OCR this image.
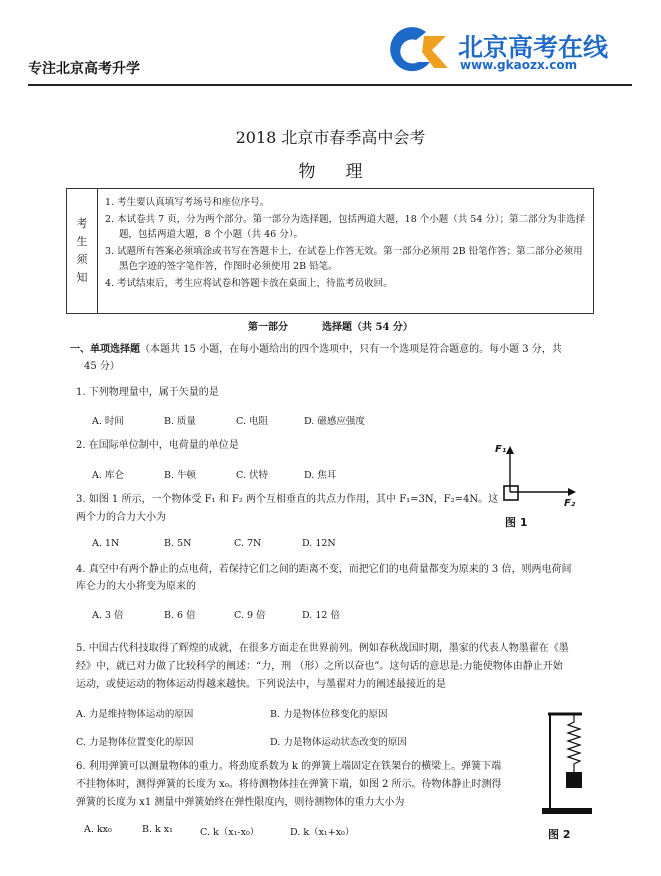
专注北京高考升学
北京高考在线
www.gkaozx.com
2018 北京市春季高中会考
物理
考
生
须
知
1. 考生要认真填写考场号和座位序号。
2. 本试卷共 7 页，分为两个部分。第一部分为选择题，包括两道大题，18 个小题（共 54 分）；第二部分为非选择题，包括两道大题，8 个小题（共 46 分）。
3. 试题所有答案必须填涂或书写在答题卡上，在试卷上作答无效。第一部分必须用 2B 铅笔作答；第二部分必须用黑色字迹的签字笔作答，作图时必须使用 2B 铅笔。
4. 考试结束后，考生应将试卷和答题卡放在桌面上，待监考员收回。
第一部分	选择题（共 54 分）
一、单项选择题（本题共 15 小题，在每小题给出的四个选项中，只有一个选项是符合题意的。每小题 3 分，共
45 分）
1. 下列物理量中，属于矢量的是
A. 时间	B. 质量	C. 电阻	D. 磁感应强度
2. 在国际单位制中，电荷量的单位是
A. 库仑	B. 牛顿	C. 伏特	D. 焦耳
F₁
F₂
图 1
3. 如图 1 所示，一个物体受 F₁ 和 F₂ 两个互相垂直的共点力作用，其中 F₁=3N，F₂=4N。这
两个力的合力大小为
A. 1N	B. 5N	C. 7N	D. 12N
4. 真空中有两个静止的点电荷，若保持它们之间的距离不变，而把它们的电荷量都变为原来的 3 倍，则两电荷间
库仑力的大小将变为原来的
A. 3 倍	B. 6 倍	C. 9 倍	D. 12 倍
5. 中国古代科技取得了辉煌的成就，在很多方面走在世界前列。例如春秋战国时期，墨家的代表人物墨翟在《墨
经》中，就已对力做了比较科学的阐述：“力，刑 （形）之所以奋也”。这句话的意思是:力能使物体由静止开始
运动，或使运动的物体运动得越来越快。下列说法中，与墨翟对力的阐述最接近的是
A. 力是维持物体运动的原因	B. 力是物体位移变化的原因
C. 力是物体位置变化的原因	D. 力是物体运动状态改变的原因
图 2
6. 利用弹簧可以测量物体的重力。将劲度系数为 k 的弹簧上端固定在铁架台的横梁上。弹簧下端
不挂物体时，测得弹簧的长度为 x₀。将待测物体挂在弹簧下端，如图 2 所示。待物体静止时测得
弹簧的长度为 x1 测量中弹簧始终在弹性限度内，则待测物体的重力大小为
A. kx₀	B. k x₁	C. k（x₁-x₀）	D. k（x₁+x₀）
